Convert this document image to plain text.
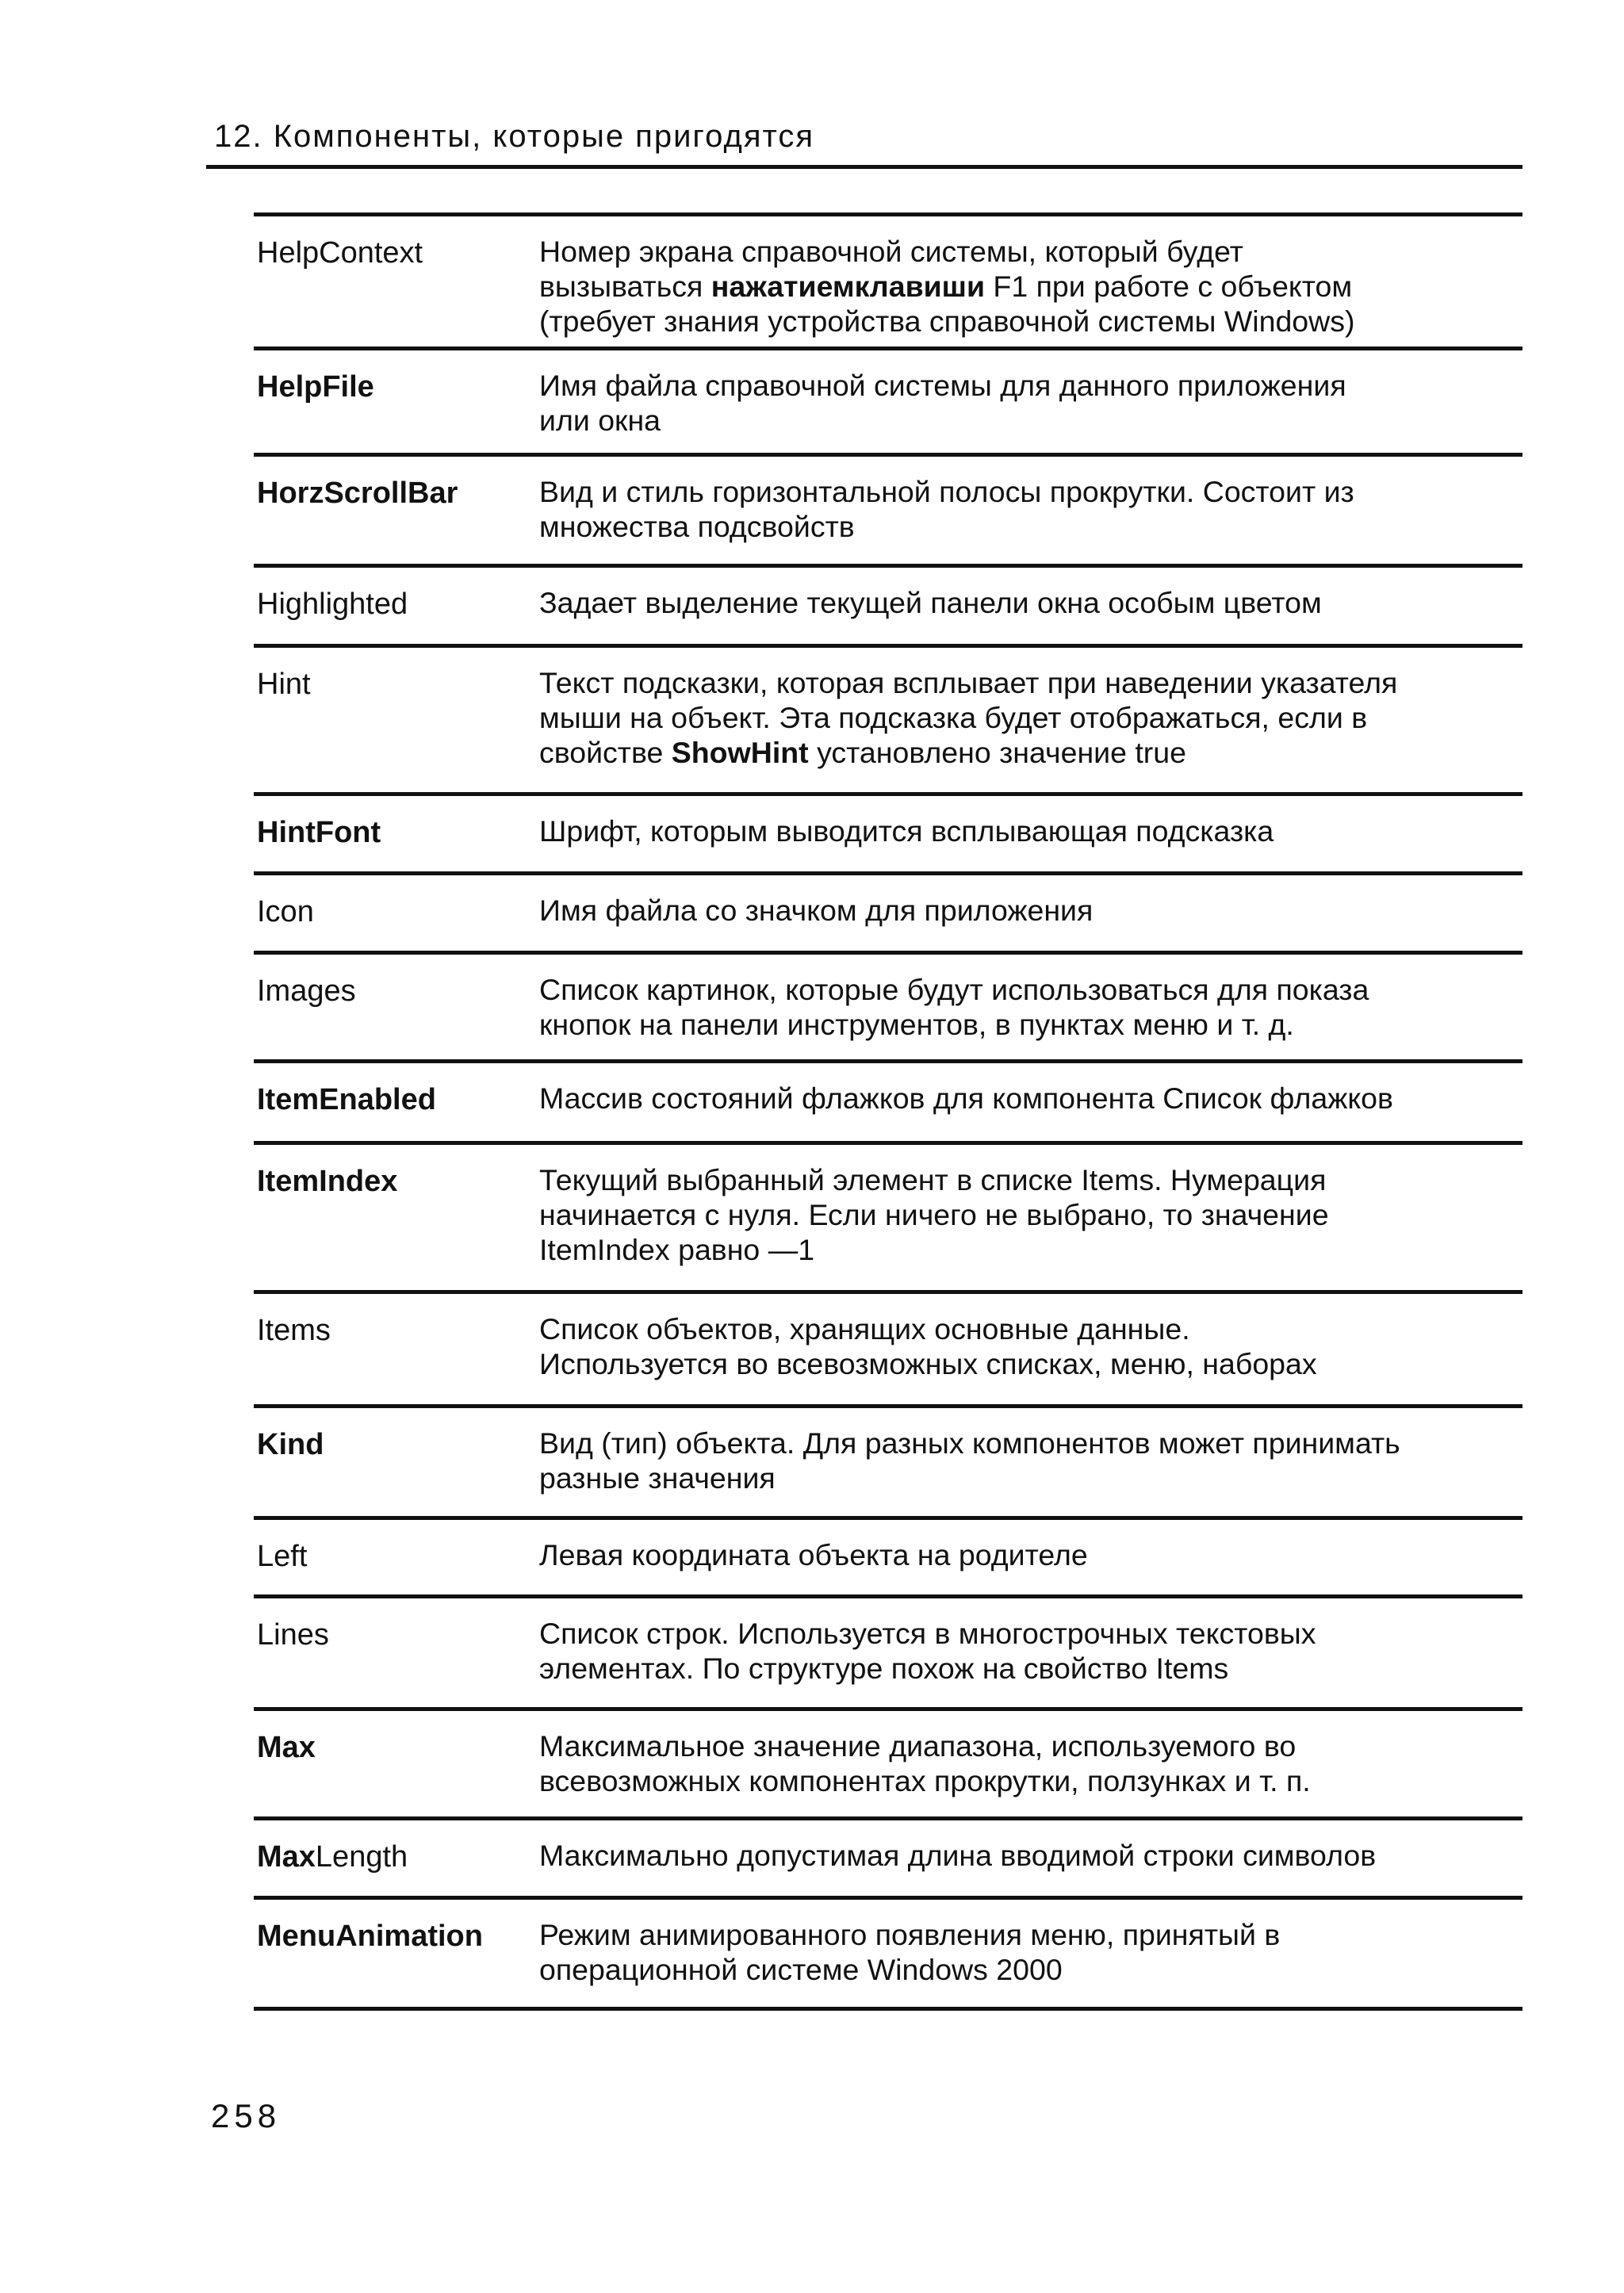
12. Компоненты, которые пригодятся
HelpContext	Номер экрана справочной системы, который будет
вызываться нажатиемклавиши F1 при работе с объектом
(требует знания устройства справочной системы Windows)
HelpFile	Имя файла справочной системы для данного приложения
или окна
HorzScrollBar	Вид и стиль горизонтальной полосы прокрутки. Состоит из
множества подсвойств
Highlighted	Задает выделение текущей панели окна особым цветом
Hint	Текст подсказки, которая всплывает при наведении указателя
мыши на объект. Эта подсказка будет отображаться, если в
свойстве ShowHint установлено значение true
HintFont	Шрифт, которым выводится всплывающая подсказка
Icon	Имя файла со значком для приложения
Images	Список картинок, которые будут использоваться для показа
кнопок на панели инструментов, в пунктах меню и т. д.
ItemEnabled	Массив состояний флажков для компонента Список флажков
ItemIndex	Текущий выбранный элемент в списке Items. Нумерация
начинается с нуля. Если ничего не выбрано, то значение
ItemIndex равно —1
Items	Список объектов, хранящих основные данные.
Используется во всевозможных списках, меню, наборах
Kind	Вид (тип) объекта. Для разных компонентов может принимать
разные значения
Left	Левая координата объекта на родителе
Lines	Список строк. Используется в многострочных текстовых
элементах. По структуре похож на свойство Items
Max	Максимальное значение диапазона, используемого во
всевозможных компонентах прокрутки, ползунках и т. п.
MaxLength	Максимально допустимая длина вводимой строки символов
MenuAnimation Режим анимированного появления меню, принятый в
операционной системе Windows 2000
258
